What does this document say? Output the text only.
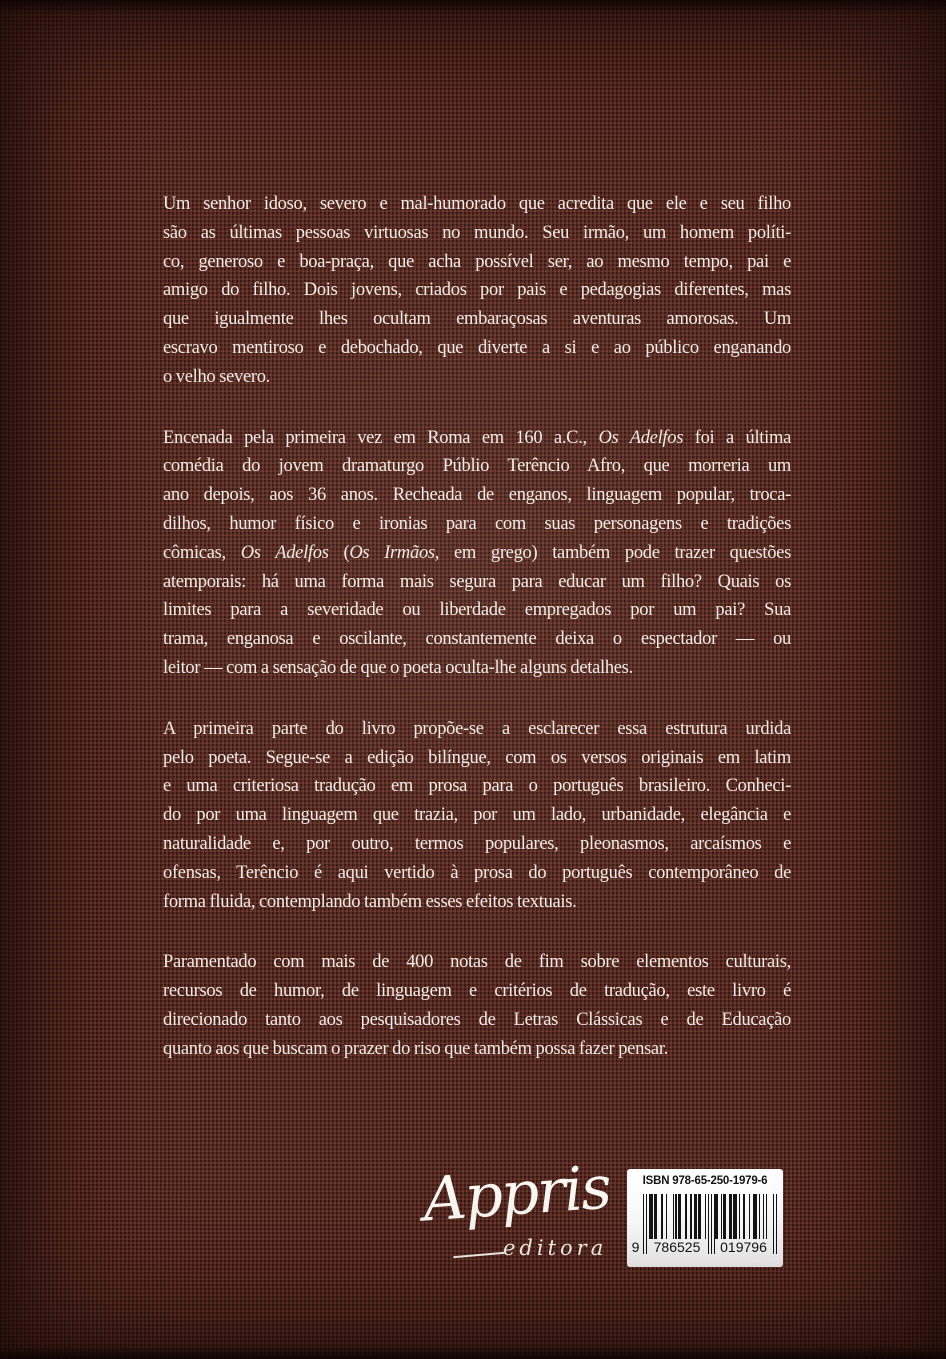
Um senhor idoso, severo e mal-humorado que acredita que ele e seu filho
são as últimas pessoas virtuosas no mundo. Seu irmão, um homem políti-
co, generoso e boa-praça, que acha possível ser, ao mesmo tempo, pai e
amigo do filho. Dois jovens, criados por pais e pedagogias diferentes, mas
que igualmente lhes ocultam embaraçosas aventuras amorosas. Um
escravo mentiroso e debochado, que diverte a si e ao público enganando
o velho severo.
Encenada pela primeira vez em Roma em 160 a.C., Os Adelfos foi a última
comédia do jovem dramaturgo Públio Terêncio Afro, que morreria um
ano depois, aos 36 anos. Recheada de enganos, linguagem popular, troca-
dilhos, humor físico e ironias para com suas personagens e tradições
cômicas, Os Adelfos (Os Irmãos, em grego) também pode trazer questões
atemporais: há uma forma mais segura para educar um filho? Quais os
limites para a severidade ou liberdade empregados por um pai? Sua
trama, enganosa e oscilante, constantemente deixa o espectador — ou
leitor — com a sensação de que o poeta oculta-lhe alguns detalhes.
A primeira parte do livro propõe-se a esclarecer essa estrutura urdida
pelo poeta. Segue-se a edição bilíngue, com os versos originais em latim
e uma criteriosa tradução em prosa para o português brasileiro. Conheci-
do por uma linguagem que trazia, por um lado, urbanidade, elegância e
naturalidade e, por outro, termos populares, pleonasmos, arcaísmos e
ofensas, Terêncio é aqui vertido à prosa do português contemporâneo de
forma fluida, contemplando também esses efeitos textuais.
Paramentado com mais de 400 notas de fim sobre elementos culturais,
recursos de humor, de linguagem e critérios de tradução, este livro é
direcionado tanto aos pesquisadores de Letras Clássicas e de Educação
quanto aos que buscam o prazer do riso que também possa fazer pensar.
Appris
editora
ISBN 978-65-250-1979-6
9	786525	019796
